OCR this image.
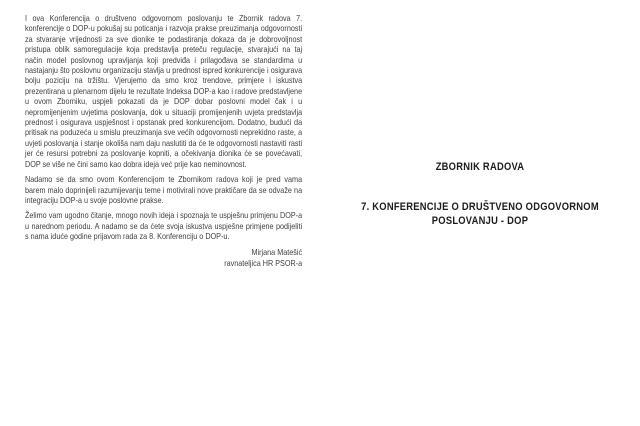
I ova Konferencija o društveno odgovornom poslovanju te Zbornik radova 7. konferencije o DOP-u pokušaj su poticanja i razvoja prakse preuzimanja odgovornosti za stvaranje vrijednosti za sve dionike te podastiranja dokaza da je dobrovoljnost pristupa oblik samoregulacije koja predstavlja preteču regulacije, stvarajući na taj način model poslovnog upravljanja koji predviđa i prilagođava se standardima u nastajanju što poslovnu organizaciju stavlja u prednost ispred konkurencije i osigurava bolju poziciju na tržištu. Vjerujemo da smo kroz trendove, primjere i iskustva prezentirana u plenarnom dijelu te rezultate Indeksa DOP-a kao i radove predstavljene u ovom Zborniku, uspjeli pokazati da je DOP dobar poslovni model čak i u nepromijenjenim uvjetima poslovanja, dok u situaciji promijenjenih uvjeta predstavlja prednost i osigurava uspješnost i opstanak pred konkurencijom. Dodatno, budući da pritisak na poduzeća u smislu preuzimanja sve većih odgovornosti neprekidno raste, a uvjeti poslovanja i stanje okoliša nam daju naslutiti da će te odgovornosti nastaviti rasti jer će resursi potrebni za poslovanje kopniti, a očekivanja dionika će se povećavati, DOP se više ne čini samo kao dobra ideja već prije kao neminovnost.

Nadamo se da smo ovom Konferencijom te Zbornikom radova koji je pred vama barem malo doprinijeli razumijevanju teme i motivirali nove praktičare da se odvaže na integraciju DOP-a u svoje poslovne prakse.

Želimo vam ugodno čitanje, mnogo novih ideja i spoznaja te uspješnu primjenu DOP-a u narednom periodu. A nadamo se da ćete svoja iskustva uspješne primjene podijeliti s nama iduće godine prijavom rada za 8. Konferenciju o DOP-u.

Mirjana Matešić
ravnateljica HR PSOR-a
ZBORNIK RADOVA
7. KONFERENCIJE O DRUŠTVENO ODGOVORNOM POSLOVANJU - DOP
